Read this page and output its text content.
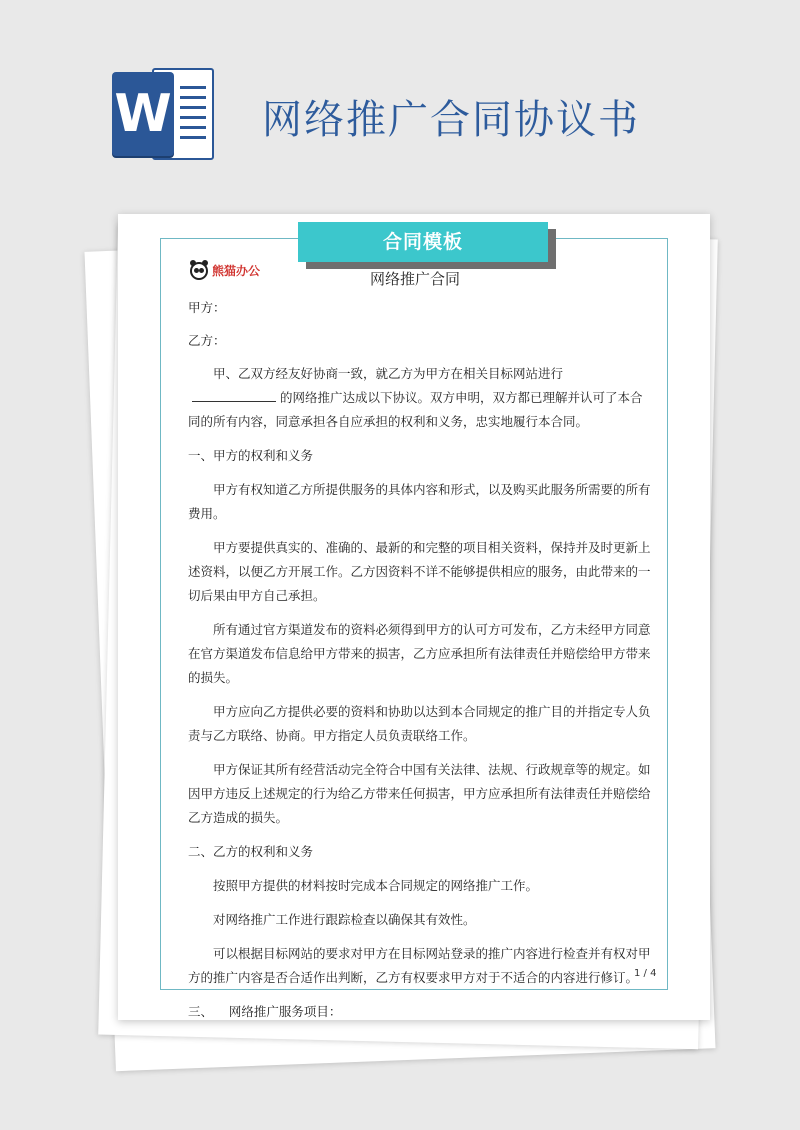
W 网络推广合同协议书
合同模板
熊猫办公	网络推广合同

甲方：

乙方：

甲、乙双方经友好协商一致，就乙方为甲方在相关目标网站进行的网络推广达成以下协议。双方申明，双方都已理解并认可了本合同的所有内容，同意承担各自应承担的权利和义务，忠实地履行本合同。

一、甲方的权利和义务

甲方有权知道乙方所提供服务的具体内容和形式，以及购买此服务所需要的所有费用。

甲方要提供真实的、准确的、最新的和完整的项目相关资料，保持并及时更新上述资料，以便乙方开展工作。乙方因资料不详不能够提供相应的服务，由此带来的一切后果由甲方自己承担。

所有通过官方渠道发布的资料必须得到甲方的认可方可发布，乙方未经甲方同意在官方渠道发布信息给甲方带来的损害，乙方应承担所有法律责任并赔偿给甲方带来的损失。

甲方应向乙方提供必要的资料和协助以达到本合同规定的推广目的并指定专人负责与乙方联络、协商。甲方指定人员负责联络工作。

甲方保证其所有经营活动完全符合中国有关法律、法规、行政规章等的规定。如因甲方违反上述规定的行为给乙方带来任何损害，甲方应承担所有法律责任并赔偿给乙方造成的损失。

二、乙方的权利和义务

按照甲方提供的材料按时完成本合同规定的网络推广工作。

对网络推广工作进行跟踪检查以确保其有效性。

可以根据目标网站的要求对甲方在目标网站登录的推广内容进行检查并有权对甲方的推广内容是否合适作出判断，乙方有权要求甲方对于不适合的内容进行修订。

三、    网络推广服务项目：

1 / 4
